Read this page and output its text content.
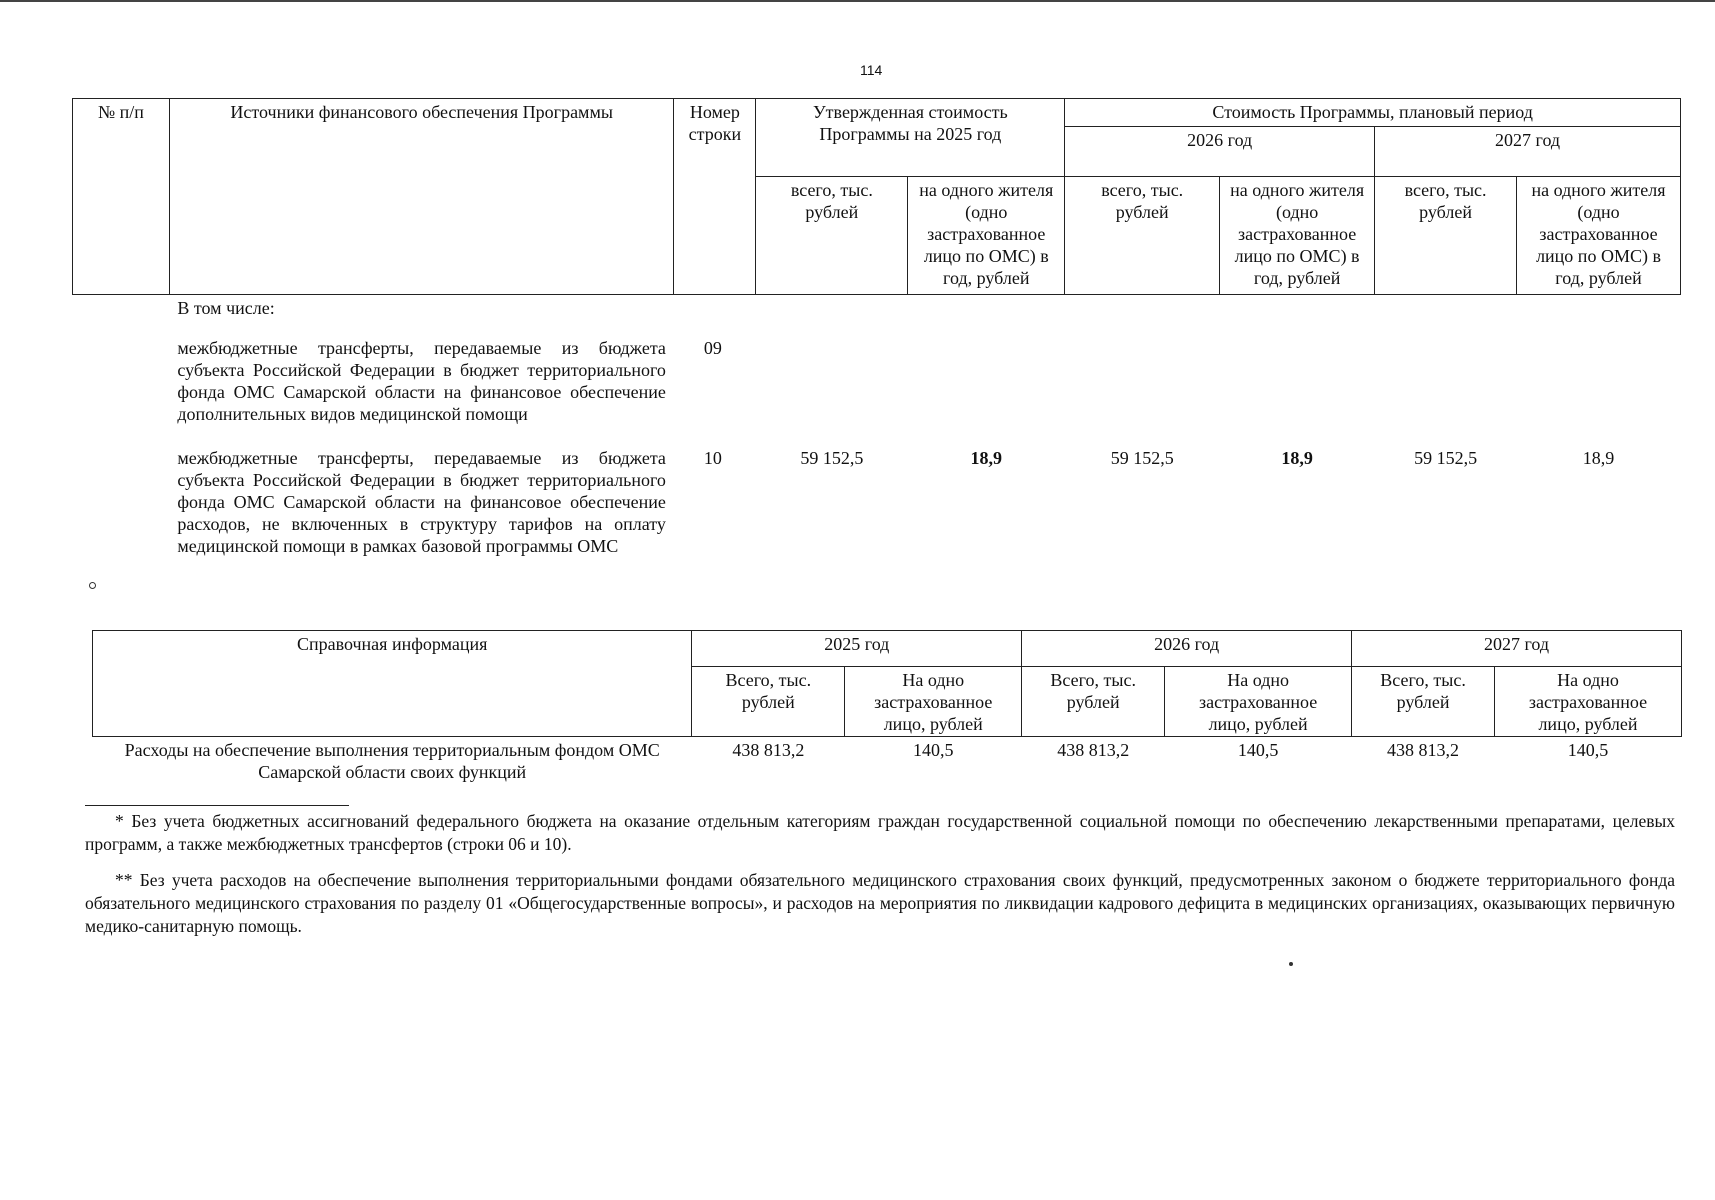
114
№ п/п	Источники финансового обеспечения Программы	Номер строки	Утвержденная стоимость Программы на 2025 год		Стоимость Программы, плановый период			
					2026 год		2027 год	
			всего, тыс. рублей	на одного жителя (одно застрахованное лицо по ОМС) в год, рублей	всего, тыс. рублей	на одного жителя (одно застрахованное лицо по ОМС) в год, рублей	всего, тыс. рублей	на одного жителя (одно застрахованное лицо по ОМС) в год, рублей
	В том числе:							
	межбюджетные трансферты, передаваемые из бюджета субъекта Российской Федерации в бюджет территориального фонда ОМС Самарской области на финансовое обеспечение дополнительных видов медицинской помощи	09						
	межбюджетные трансферты, передаваемые из бюджета субъекта Российской Федерации в бюджет территориального фонда ОМС Самарской области на финансовое обеспечение расходов, не включенных в структуру тарифов на оплату медицинской помощи в рамках базовой программы ОМС	10	59 152,5	18,9	59 152,5	18,9	59 152,5	18,9
Справочная информация	2025 год		2026 год		2027 год	
	Всего, тыс. рублей	На одно застрахованное лицо, рублей	Всего, тыс. рублей	На одно застрахованное лицо, рублей	Всего, тыс. рублей	На одно застрахованное лицо, рублей
Расходы на обеспечение выполнения территориальным фондом ОМС Самарской области своих функций	438 813,2	140,5	438 813,2	140,5	438 813,2	140,5
* Без учета бюджетных ассигнований федерального бюджета на оказание отдельным категориям граждан государственной социальной помощи по обеспечению лекарственными препаратами, целевых программ, а также межбюджетных трансфертов (строки 06 и 10).
** Без учета расходов на обеспечение выполнения территориальными фондами обязательного медицинского страхования своих функций, предусмотренных законом о бюджете территориального фонда обязательного медицинского страхования по разделу 01 «Общегосударственные вопросы», и расходов на мероприятия по ликвидации кадрового дефицита в медицинских организациях, оказывающих первичную медико-санитарную помощь.
